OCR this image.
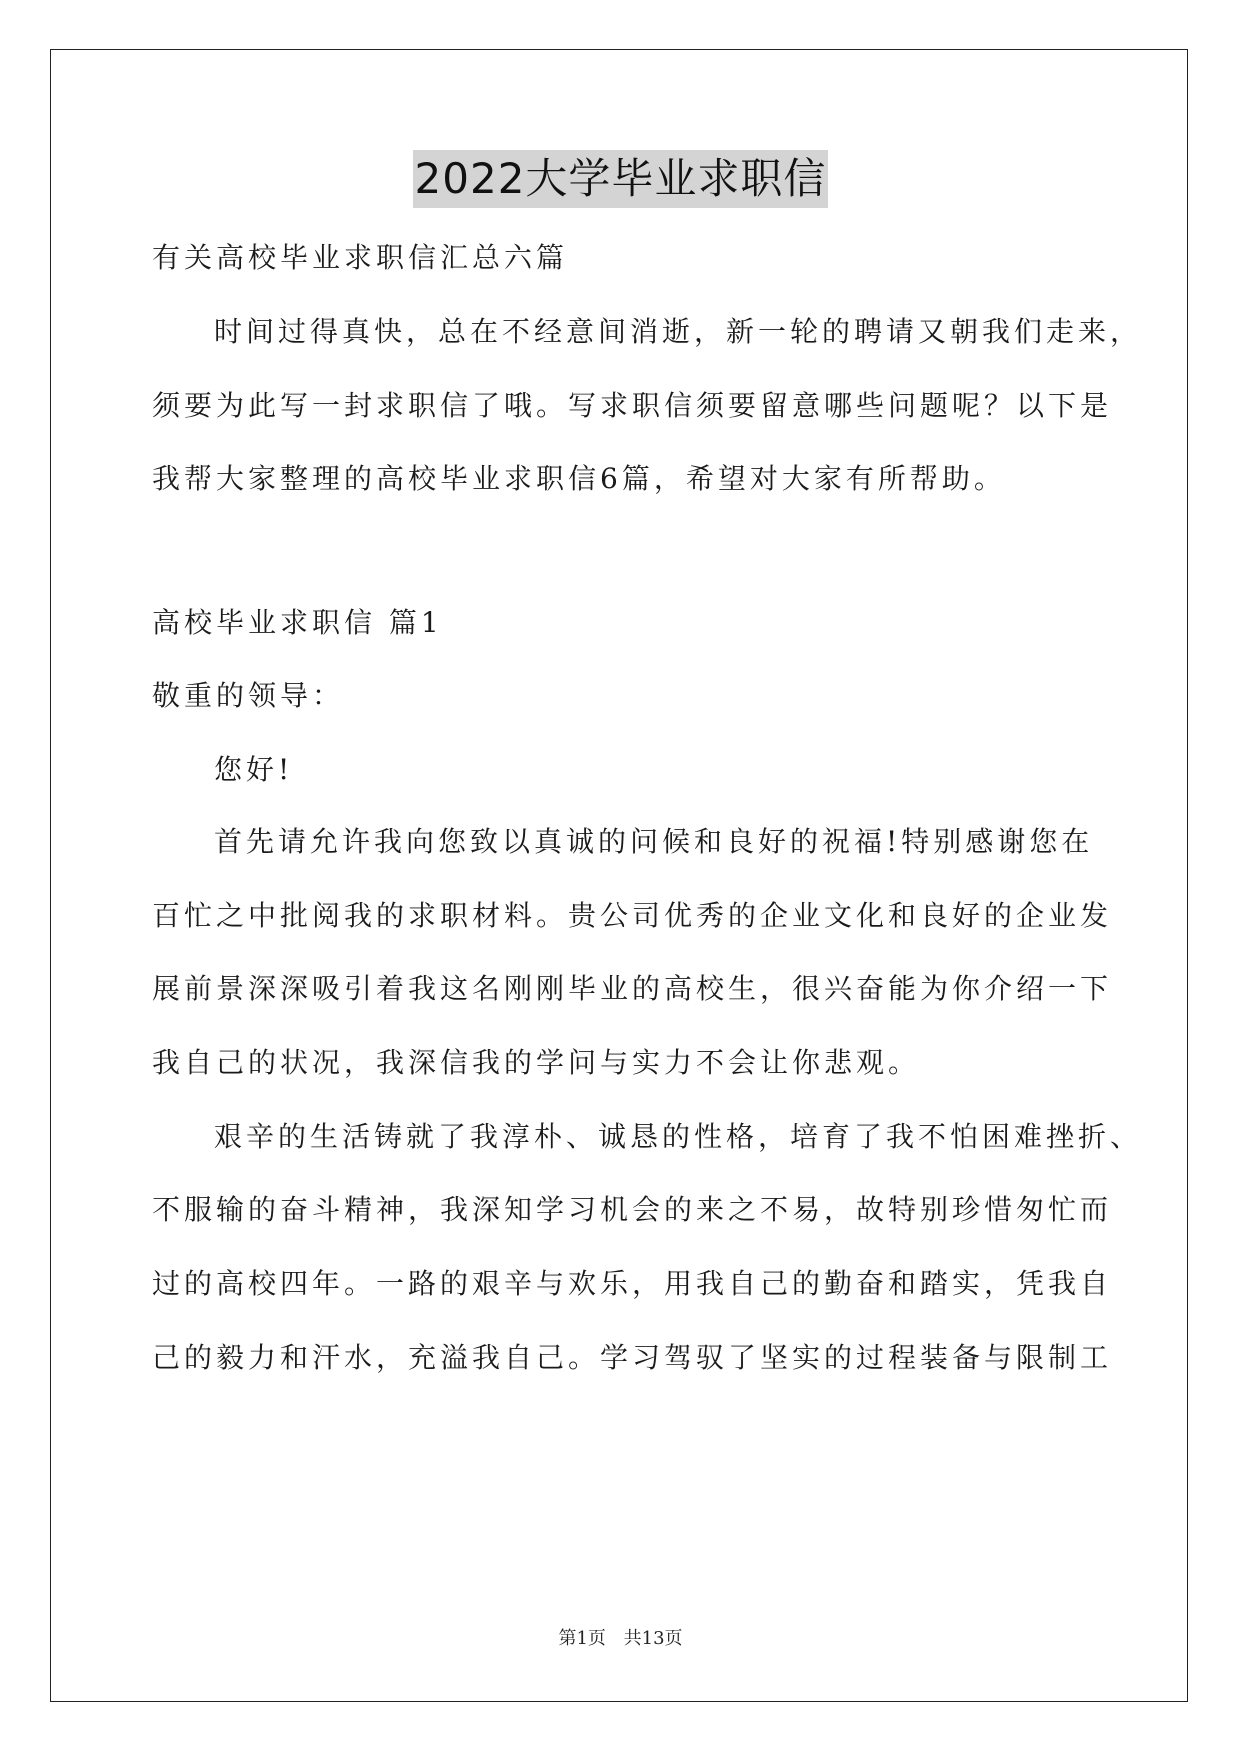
2022大学毕业求职信
有关高校毕业求职信汇总六篇
时间过得真快，总在不经意间消逝，新一轮的聘请又朝我们走来，
须要为此写一封求职信了哦。写求职信须要留意哪些问题呢？以下是
我帮大家整理的高校毕业求职信6篇，希望对大家有所帮助。
高校毕业求职信 篇1
敬重的领导：
您好!
首先请允许我向您致以真诚的问候和良好的祝福!特别感谢您在
百忙之中批阅我的求职材料。贵公司优秀的企业文化和良好的企业发
展前景深深吸引着我这名刚刚毕业的高校生，很兴奋能为你介绍一下
我自己的状况，我深信我的学问与实力不会让你悲观。
艰辛的生活铸就了我淳朴、诚恳的性格，培育了我不怕困难挫折、
不服输的奋斗精神，我深知学习机会的来之不易，故特别珍惜匆忙而
过的高校四年。一路的艰辛与欢乐，用我自己的勤奋和踏实，凭我自
己的毅力和汗水，充溢我自己。学习驾驭了坚实的过程装备与限制工
第1页 共13页
